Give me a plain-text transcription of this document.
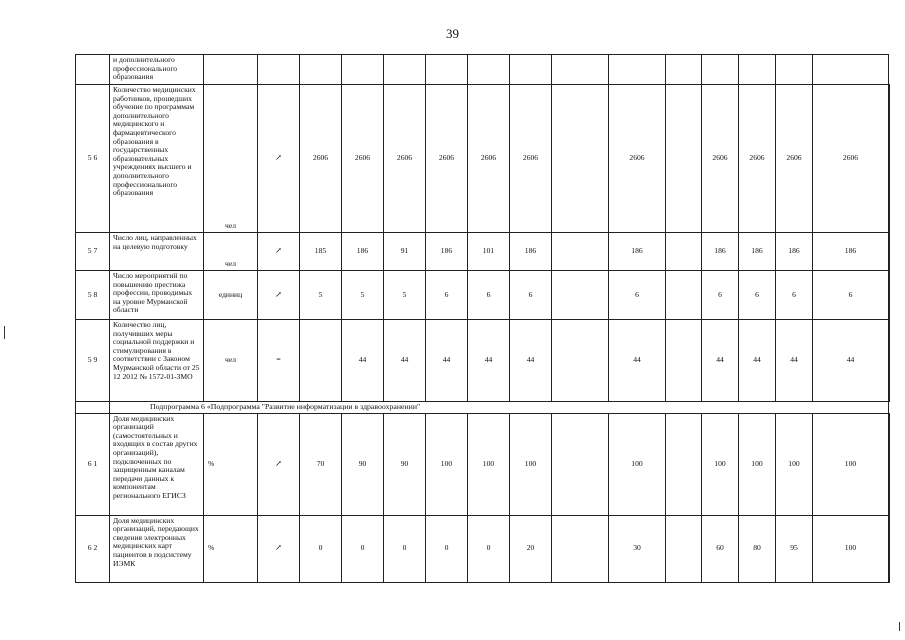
39
	и дополнительного профессионального образования																
5 6	Количество медицинских работников, прошедших обучение по программам дополнительного медицинского и фармацевтического образования в государственных образовательных учреждениях высшего и дополнительного профессионального образования	чел	↗	2606	2606	2606	2606	2606	2606		2606		2606	2606	2606	2606	
5 7	Число лиц, направленных на целевую подготовку	чел	↗	185	186	91	186	101	186		186		186	186	186	186	
5 8	Число мероприятий по повышению престижа профессии, проводимых на уровне Мурманской области	единиц	↗	5	5	5	6	6	6		6		6	6	6	6	
5 9	Количество лиц, получивших меры социальной поддержки и стимулирования в соответствии с Законом Мурманской области от 25 12 2012 № 1572-01-ЗМО	чел	=		44	44	44	44	44		44		44	44	44	44	
	Подпрограмма 6 «Подпрограмма "Развитие информатизации в здравоохранении"																
6 1	Доля медицинских организаций (самостоятельных и входящих в состав других организаций), подключенных по защищенным каналам передачи данных к компонентам регионального ЕГИСЗ	%	↗	70	90	90	100	100	100		100		100	100	100	100	
6 2	Доля медицинских организаций, передающих сведения электронных медицинских карт пациентов в подсистему ИЭМК	%	↗	0	0	0	0	0	20		30		60	80	95	100	
